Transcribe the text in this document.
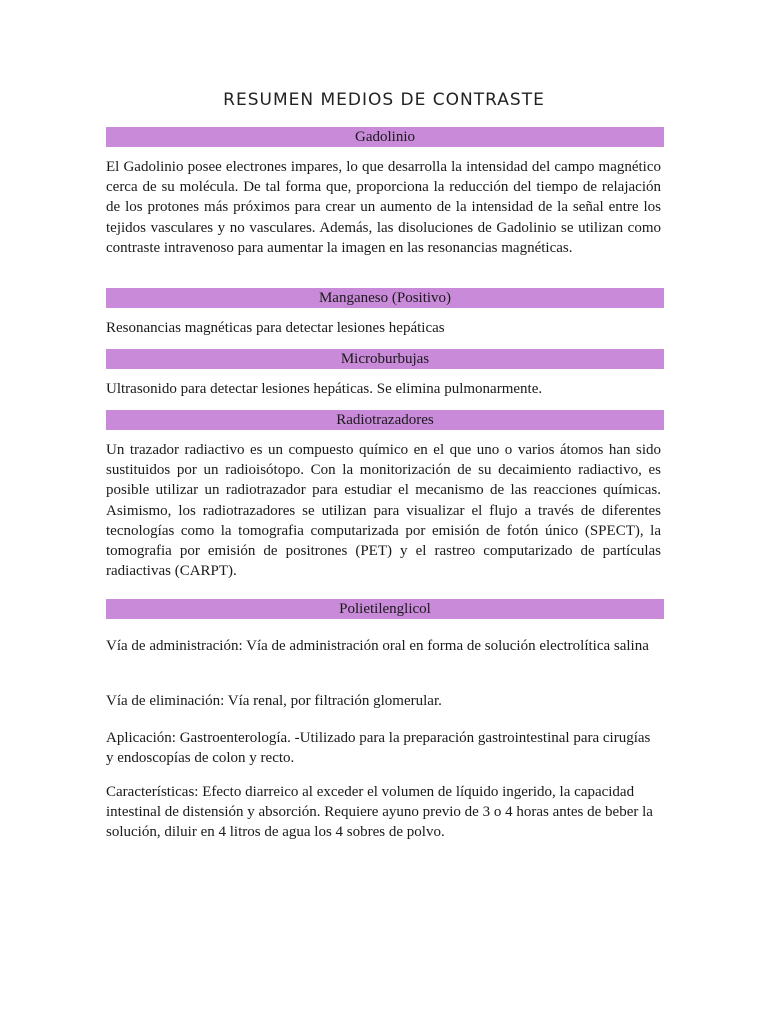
RESUMEN MEDIOS DE CONTRASTE
Gadolinio

El Gadolinio posee electrones impares, lo que desarrolla la intensidad del campo magnético cerca de su molécula. De tal forma que, proporciona la reducción del tiempo de relajación de los protones más próximos para crear un aumento de la intensidad de la señal entre los tejidos vasculares y no vasculares. Además, las disoluciones de Gadolinio se utilizan como contraste intravenoso para aumentar la imagen en las resonancias magnéticas.

Manganeso (Positivo)

Resonancias magnéticas para detectar lesiones hepáticas

Microburbujas

Ultrasonido para detectar lesiones hepáticas. Se elimina pulmonarmente.

Radiotrazadores

Un trazador radiactivo es un compuesto químico en el que uno o varios átomos han sido sustituidos por un radioisótopo. Con la monitorización de su decaimiento radiactivo, es posible utilizar un radiotrazador para estudiar el mecanismo de las reacciones químicas. Asimismo, los radiotrazadores se utilizan para visualizar el flujo a través de diferentes tecnologías como la tomografia computarizada por emisión de fotón único (SPECT), la tomografia por emisión de positrones (PET) y el rastreo computarizado de partículas radiactivas (CARPT).

Polietilenglicol

Vía de administración: Vía de administración oral en forma de solución electrolítica salina

Vía de eliminación: Vía renal, por filtración glomerular.

Aplicación: Gastroenterología. -Utilizado para la preparación gastrointestinal para cirugías y endoscopías de colon y recto.

Características: Efecto diarreico al exceder el volumen de líquido ingerido, la capacidad intestinal de distensión y absorción. Requiere ayuno previo de 3 o 4 horas antes de beber la solución, diluir en 4 litros de agua los 4 sobres de polvo.
